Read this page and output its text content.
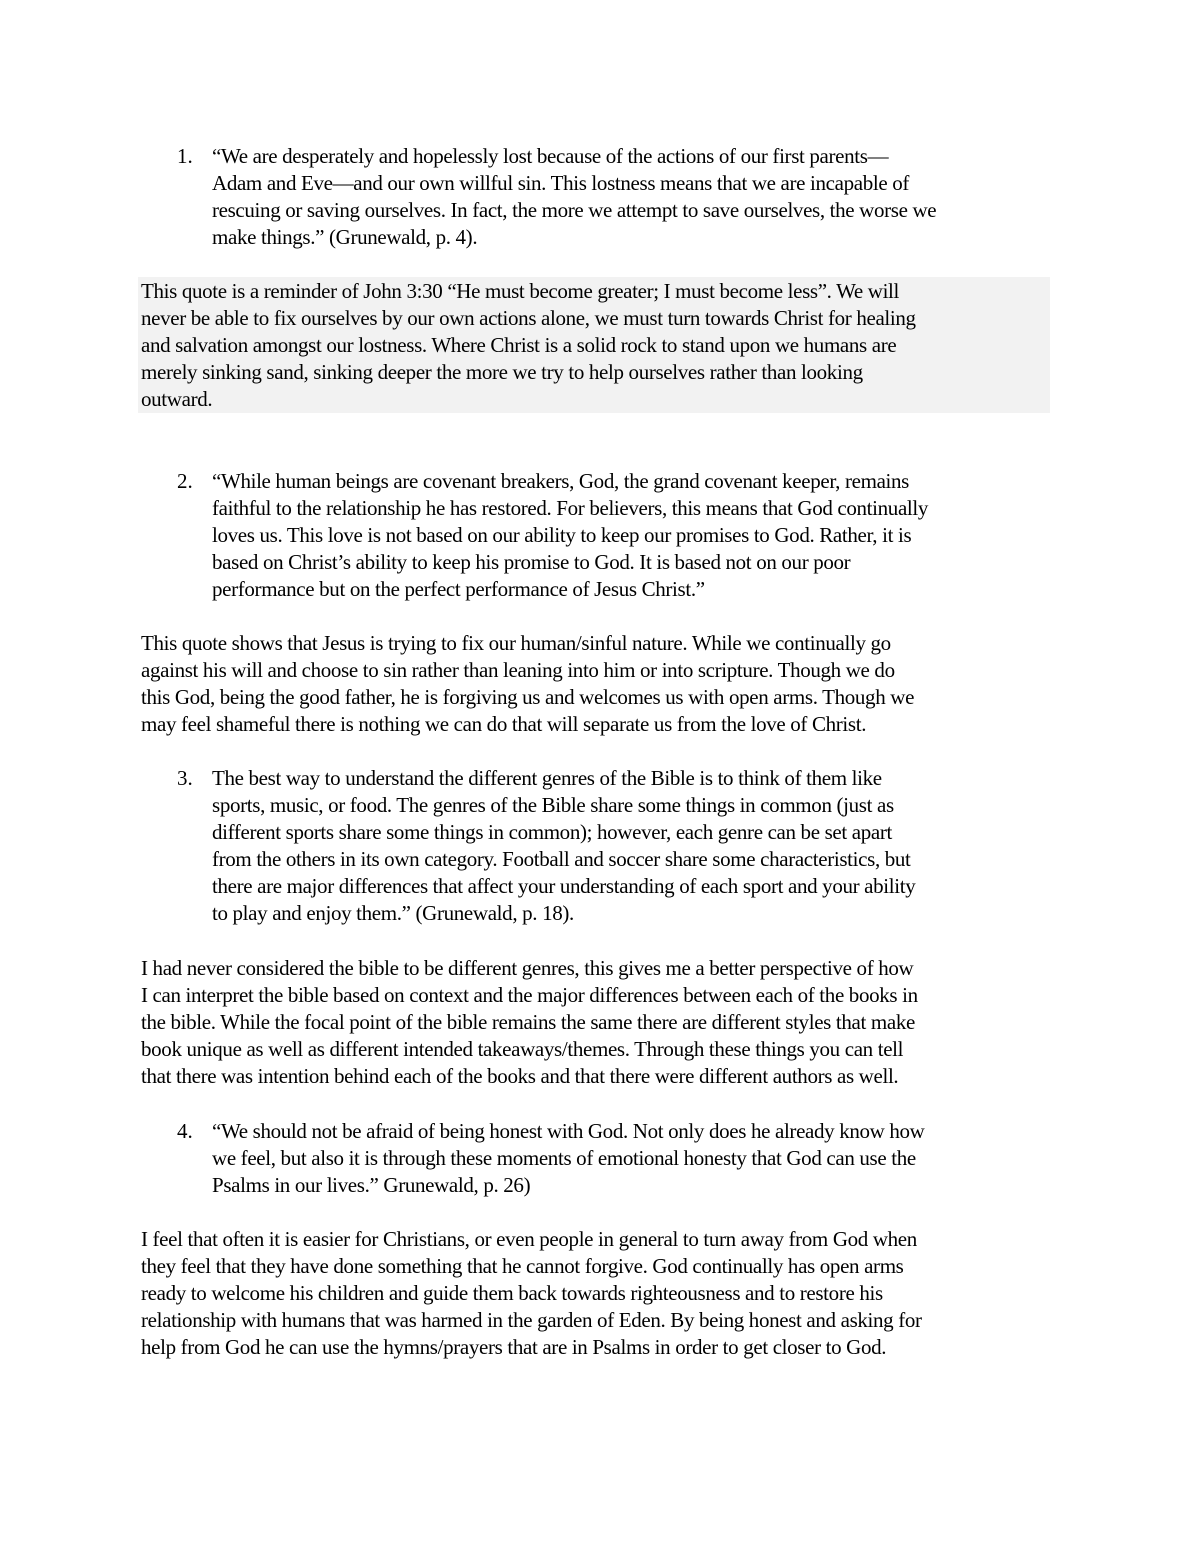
1. “We are desperately and hopelessly lost because of the actions of our first parents—
Adam and Eve—and our own willful sin. This lostness means that we are incapable of
rescuing or saving ourselves. In fact, the more we attempt to save ourselves, the worse we
make things.” (Grunewald, p. 4).
This quote is a reminder of John 3:30 “He must become greater; I must become less”. We will
never be able to fix ourselves by our own actions alone, we must turn towards Christ for healing
and salvation amongst our lostness. Where Christ is a solid rock to stand upon we humans are
merely sinking sand, sinking deeper the more we try to help ourselves rather than looking
outward.
2. “While human beings are covenant breakers, God, the grand covenant keeper, remains
faithful to the relationship he has restored. For believers, this means that God continually
loves us. This love is not based on our ability to keep our promises to God. Rather, it is
based on Christ’s ability to keep his promise to God. It is based not on our poor
performance but on the perfect performance of Jesus Christ.”
This quote shows that Jesus is trying to fix our human/sinful nature. While we continually go
against his will and choose to sin rather than leaning into him or into scripture. Though we do
this God, being the good father, he is forgiving us and welcomes us with open arms. Though we
may feel shameful there is nothing we can do that will separate us from the love of Christ.
3. The best way to understand the different genres of the Bible is to think of them like
sports, music, or food. The genres of the Bible share some things in common (just as
different sports share some things in common); however, each genre can be set apart
from the others in its own category. Football and soccer share some characteristics, but
there are major differences that affect your understanding of each sport and your ability
to play and enjoy them.” (Grunewald, p. 18).
I had never considered the bible to be different genres, this gives me a better perspective of how
I can interpret the bible based on context and the major differences between each of the books in
the bible. While the focal point of the bible remains the same there are different styles that make
book unique as well as different intended takeaways/themes. Through these things you can tell
that there was intention behind each of the books and that there were different authors as well.
4. “We should not be afraid of being honest with God. Not only does he already know how
we feel, but also it is through these moments of emotional honesty that God can use the
Psalms in our lives.” Grunewald, p. 26)
I feel that often it is easier for Christians, or even people in general to turn away from God when
they feel that they have done something that he cannot forgive. God continually has open arms
ready to welcome his children and guide them back towards righteousness and to restore his
relationship with humans that was harmed in the garden of Eden. By being honest and asking for
help from God he can use the hymns/prayers that are in Psalms in order to get closer to God.
